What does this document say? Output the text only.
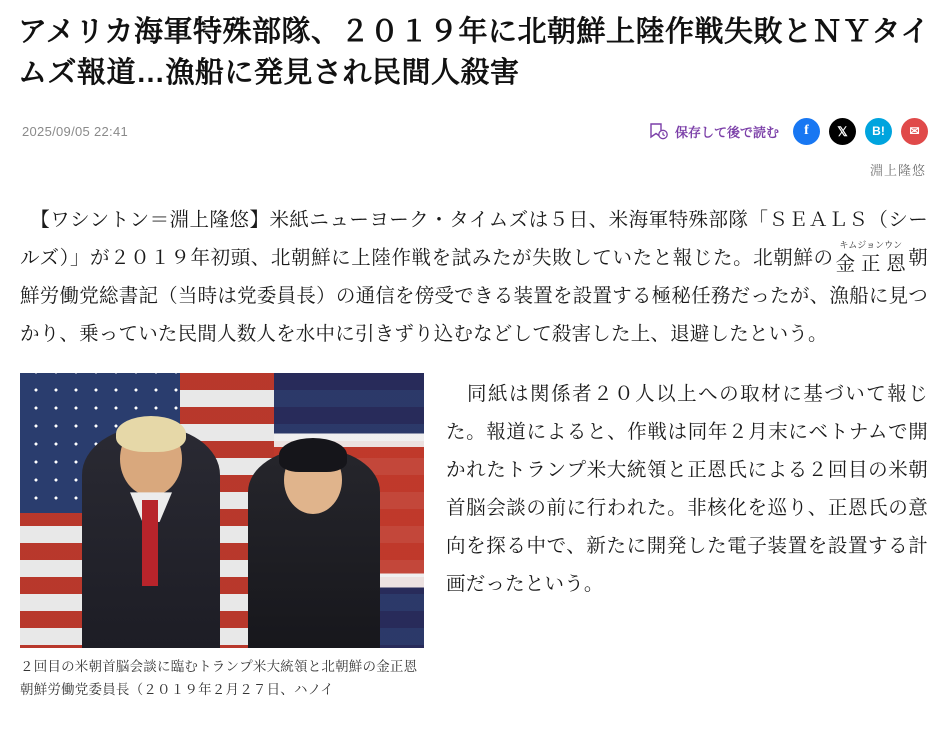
アメリカ海軍特殊部隊、２０１９年に北朝鮮上陸作戦失敗とＮＹタイムズ報道…漁船に発見され民間人殺害
2025/09/05 22:41	保存して後で読む	f	𝕏	B!	✉
淵上隆悠
　【ワシントン＝淵上隆悠】米紙ニューヨーク・タイムズは５日、米海軍特殊部隊「ＳＥＡＬＳ（シールズ）」が２０１９年初頭、北朝鮮に上陸作戦を試みたが失敗していたと報じた。北朝鮮の
キムジョンウン
金 正 恩 朝鮮労働党総書記（当時は党委員長）の通信を傍受できる装置を設置する極秘任務だったが、漁船に見つかり、乗っていた民間人数人を水中に引きずり込むなどして殺害した上、退避したという。
２回目の米朝首脳会談に臨むトランプ米大統領と北朝鮮の金正恩朝鮮労働党委員長（２０１９年２月２７日、ハノイ

　同紙は関係者２０人以上への取材に基づいて報じた。報道によると、作戦は同年２月末にベトナムで開かれたトランプ米大統領と正恩氏による２回目の米朝首脳会談の前に行われた。非核化を巡り、正恩氏の意向を探る中で、新たに開発した電子装置を設置する計画だったという。
